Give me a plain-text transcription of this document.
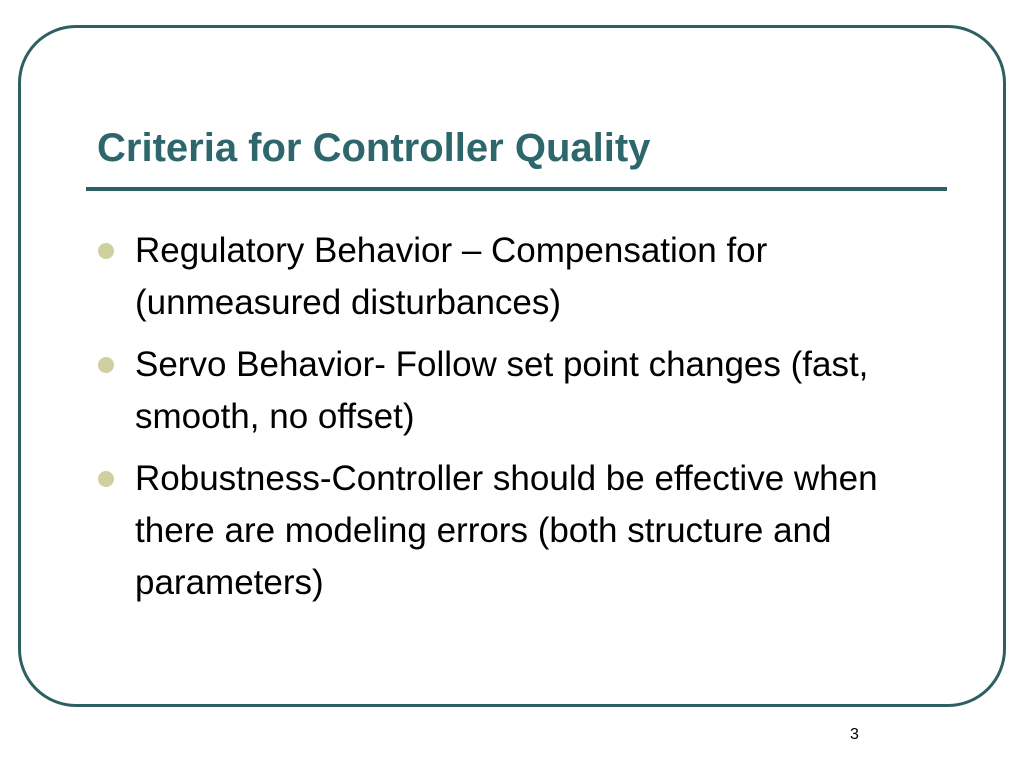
Criteria for Controller Quality
Regulatory Behavior – Compensation for (unmeasured disturbances)
Servo Behavior- Follow set point changes (fast, smooth, no offset)
Robustness-Controller should be effective when there are modeling errors (both structure and parameters)
3
